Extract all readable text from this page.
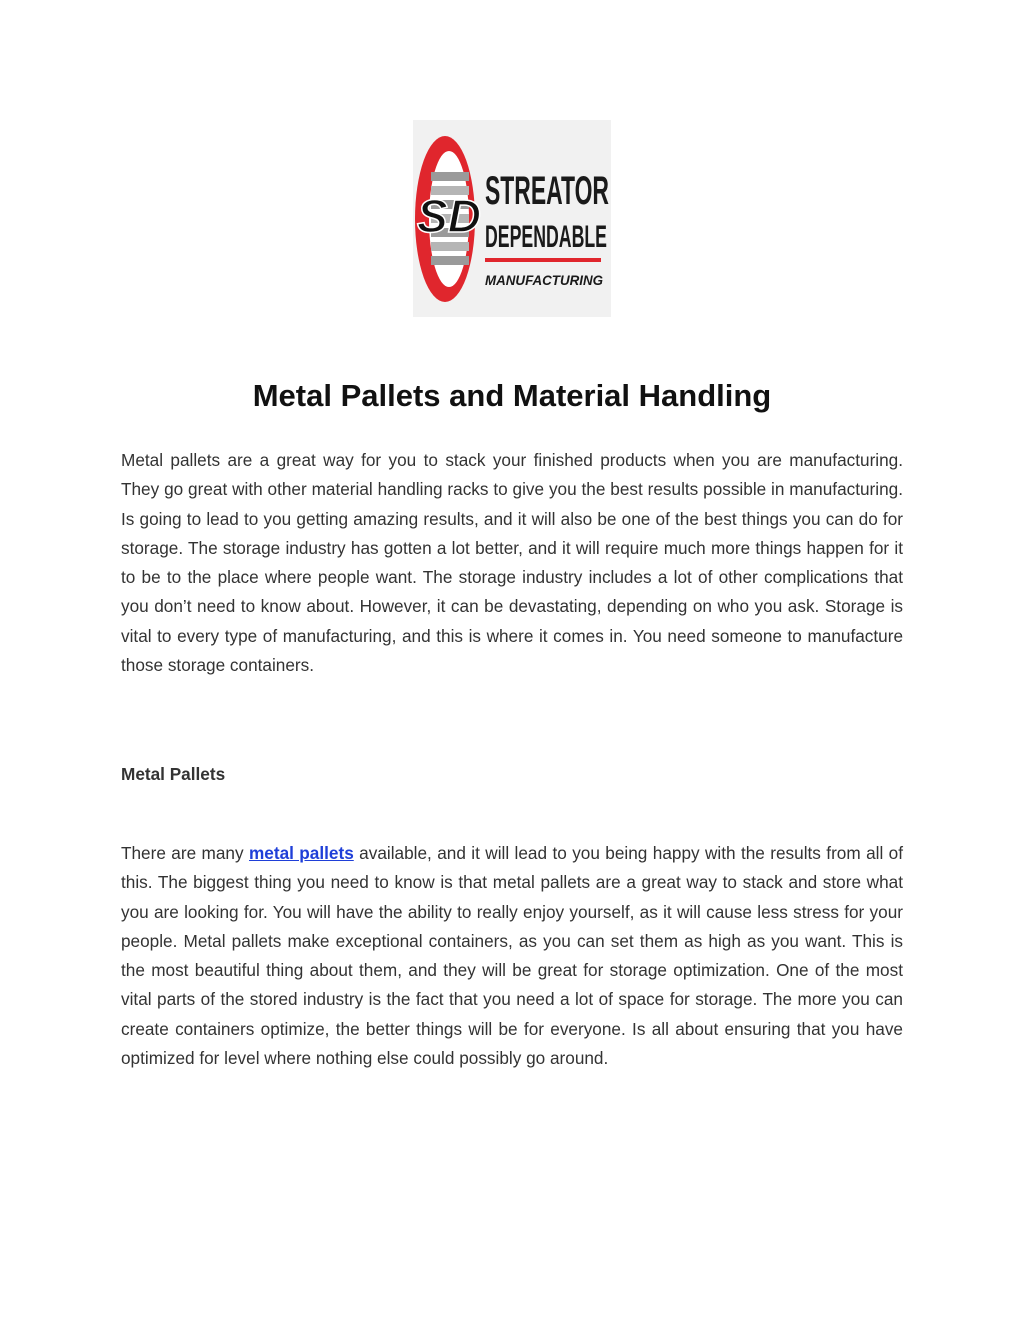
SD STREATOR
DEPENDABLE
MANUFACTURING
Metal Pallets and Material Handling

Metal pallets are a great way for you to stack your finished products when you are manufacturing. They go great with other material handling racks to give you the best results possible in manufacturing. Is going to lead to you getting amazing results, and it will also be one of the best things you can do for storage. The storage industry has gotten a lot better, and it will require much more things happen for it to be to the place where people want. The storage industry includes a lot of other complications that you don’t need to know about. However, it can be devastating, depending on who you ask. Storage is vital to every type of manufacturing, and this is where it comes in. You need someone to manufacture those storage containers.

Metal Pallets

There are many metal pallets available, and it will lead to you being happy with the results from all of this. The biggest thing you need to know is that metal pallets are a great way to stack and store what you are looking for. You will have the ability to really enjoy yourself, as it will cause less stress for your people. Metal pallets make exceptional containers, as you can set them as high as you want. This is the most beautiful thing about them, and they will be great for storage optimization. One of the most vital parts of the stored industry is the fact that you need a lot of space for storage. The more you can create containers optimize, the better things will be for everyone. Is all about ensuring that you have optimized for level where nothing else could possibly go around.
